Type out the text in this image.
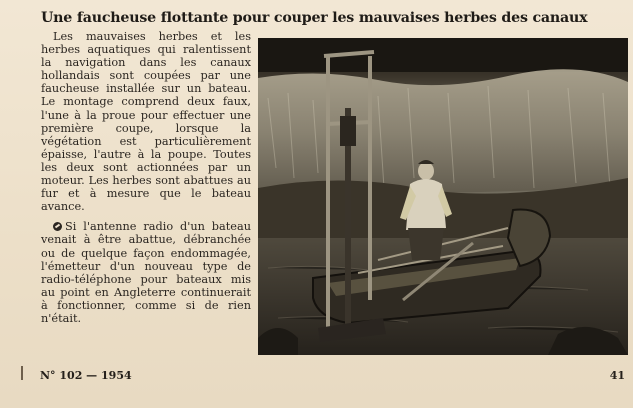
Une faucheuse flottante pour couper les mauvaises herbes des canaux

Les mauvaises herbes et les herbes aquatiques qui ralentissent la navigation dans les canaux hollandais sont coupées par une faucheuse installée sur un bateau. Le montage comprend deux faux, l'une à la proue pour effectuer une première coupe, lorsque la végétation est particulièrement épaisse, l'autre à la poupe. Toutes les deux sont actionnées par un moteur. Les herbes sont abattues au fur et à mesure que le bateau avance.

Si l'antenne radio d'un bateau venait à être abattue, débranchée ou de quelque façon endommagée, l'émetteur d'un nouveau type de radio-téléphone pour bateaux mis au point en Angleterre continuerait à fonctionner, comme si de rien n'était.

N° 102 — 1954	41
